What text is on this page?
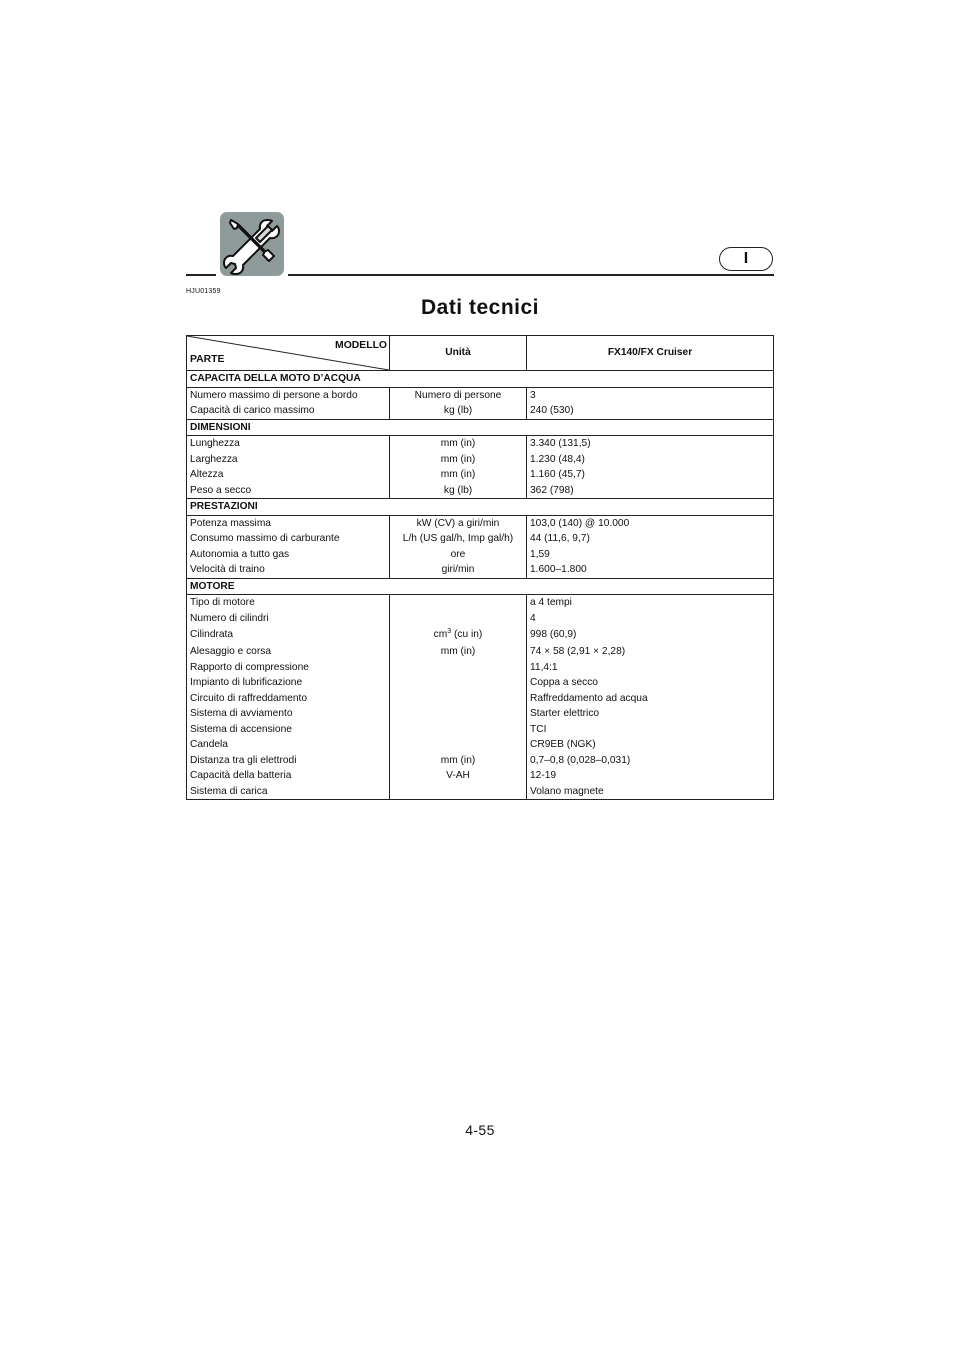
I
HJU01359
Dati tecnici
MODELLO
PARTE	Unità	FX140/FX Cruiser
CAPACITA DELLA MOTO D’ACQUA		
Numero massimo di persone a bordo	Numero di persone	3
Capacità di carico massimo	kg (lb)	240 (530)
DIMENSIONI		
Lunghezza	mm (in)	3.340 (131,5)
Larghezza	mm (in)	1.230 (48,4)
Altezza	mm (in)	1.160 (45,7)
Peso a secco	kg (lb)	362 (798)
PRESTAZIONI		
Potenza massima	kW (CV) a giri/min	103,0 (140) @ 10.000
Consumo massimo di carburante	L/h (US gal/h, Imp gal/h)	44 (11,6, 9,7)
Autonomia a tutto gas	ore	1,59
Velocità di traino	giri/min	1.600–1.800
MOTORE		
Tipo di motore		a 4 tempi
Numero di cilindri		4
Cilindrata	$cm^3$ (cu in)	998 (60,9)
Alesaggio e corsa	mm (in)	74 × 58 (2,91 × 2,28)
Rapporto di compressione		11,4:1
Impianto di lubrificazione		Coppa a secco
Circuito di raffreddamento		Raffreddamento ad acqua
Sistema di avviamento		Starter elettrico
Sistema di accensione		TCI
Candela		CR9EB (NGK)
Distanza tra gli elettrodi	mm (in)	0,7–0,8 (0,028–0,031)
Capacità della batteria	V-AH	12-19
Sistema di carica		Volano magnete
4-55
